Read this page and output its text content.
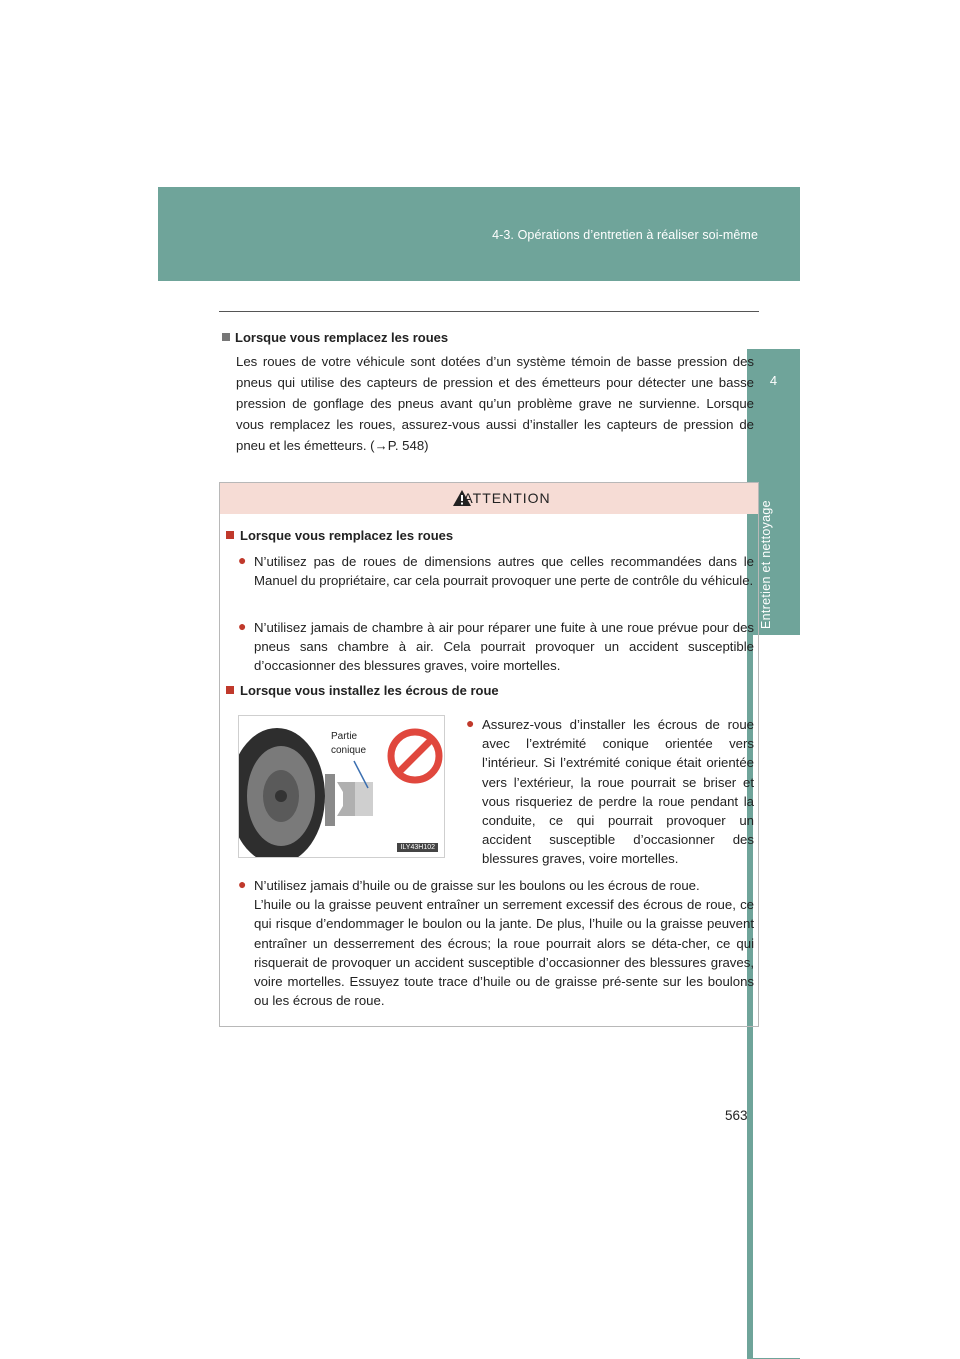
4-3. Opérations d’entretien à réaliser soi-même
4
Entretien et nettoyage
Lorsque vous remplacez les roues
Les roues de votre véhicule sont dotées d’un système témoin de basse pression des pneus qui utilise des capteurs de pression et des émetteurs pour détecter une basse pression de gonflage des pneus avant qu’un problème grave ne survienne. Lorsque vous remplacez les roues, assurez-vous aussi d’installer les capteurs de pression de pneu et les émetteurs. (→P. 548)
ATTENTION
Lorsque vous remplacez les roues
● N’utilisez pas de roues de dimensions autres que celles recommandées dans le Manuel du propriétaire, car cela pourrait provoquer une perte de contrôle du véhicule.
● N’utilisez jamais de chambre à air pour réparer une fuite à une roue prévue pour des pneus sans chambre à air. Cela pourrait provoquer un accident susceptible d’occasionner des blessures graves, voire mortelles.
Lorsque vous installez les écrous de roue
Partie
conique
ILY43H102
● Assurez-vous d’installer les écrous de roue avec l’extrémité conique orientée vers l’intérieur. Si l’extrémité conique était orientée vers l’extérieur, la roue pourrait se briser et vous risqueriez de perdre la roue pendant la conduite, ce qui pourrait provoquer un accident susceptible d’occasionner des blessures graves, voire mortelles.
● N’utilisez jamais d’huile ou de graisse sur les boulons ou les écrous de roue.
L’huile ou la graisse peuvent entraîner un serrement excessif des écrous de roue, ce qui risque d’endommager le boulon ou la jante. De plus, l’huile ou la graisse peuvent entraîner un desserrement des écrous; la roue pourrait alors se déta-cher, ce qui risquerait de provoquer un accident susceptible d’occasionner des blessures graves, voire mortelles. Essuyez toute trace d’huile ou de graisse pré-sente sur les boulons ou les écrous de roue.
563
